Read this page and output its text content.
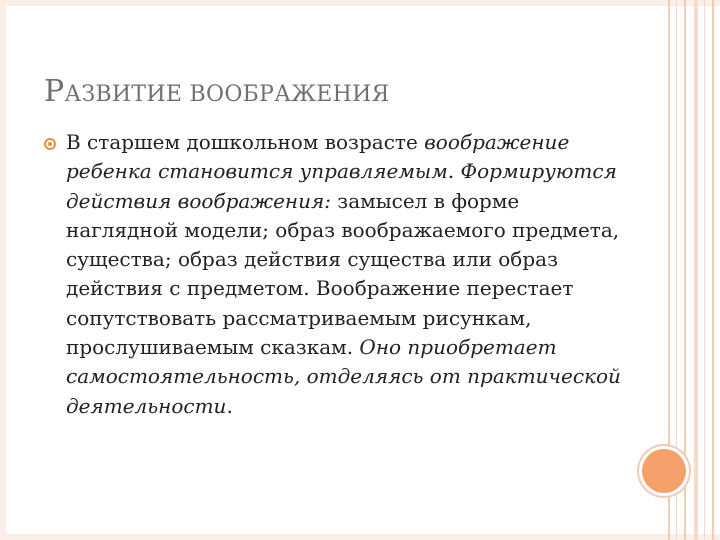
РАЗВИТИЕ ВООБРАЖЕНИЯ
В старшем дошкольном возрасте воображение ребенка становится управляемым. Формируются действия воображения: замысел в форме наглядной модели; образ воображаемого предмета, существа; образ действия существа или образ действия с предметом. Воображение перестает сопутствовать рассматриваемым рисункам, прослушиваемым сказкам. Оно приобретает самостоятельность, отделяясь от практической деятельности.
